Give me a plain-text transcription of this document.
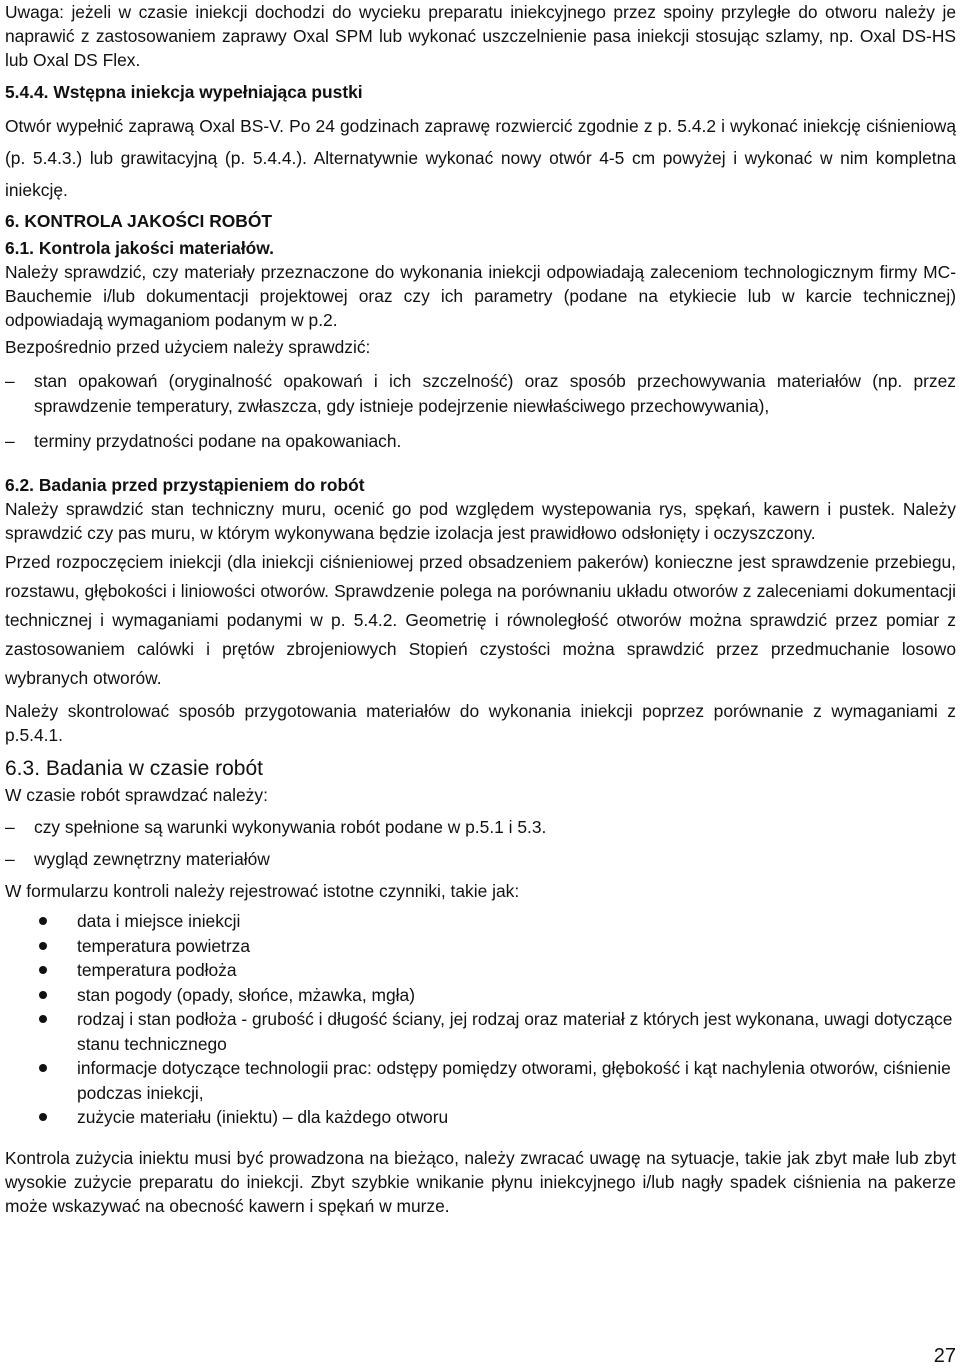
Uwaga: jeżeli w czasie iniekcji dochodzi do wycieku preparatu iniekcyjnego przez spoiny przyległe do otworu należy je naprawić z zastosowaniem zaprawy Oxal SPM lub wykonać uszczelnienie pasa iniekcji stosując szlamy, np. Oxal DS-HS lub Oxal DS Flex.

5.4.4. Wstępna iniekcja wypełniająca pustki

Otwór wypełnić zaprawą Oxal BS-V. Po 24 godzinach zaprawę rozwiercić zgodnie z p. 5.4.2 i wykonać iniekcję ciśnieniową (p. 5.4.3.) lub grawitacyjną (p. 5.4.4.). Alternatywnie wykonać nowy otwór 4-5 cm powyżej i wykonać w nim kompletna iniekcję.

6. KONTROLA JAKOŚCI ROBÓT

6.1. Kontrola jakości materiałów.

Należy sprawdzić, czy materiały przeznaczone do wykonania iniekcji odpowiadają zaleceniom technologicznym firmy MC-Bauchemie i/lub dokumentacji projektowej oraz czy ich parametry (podane na etykiecie lub w karcie technicznej) odpowiadają wymaganiom podanym w p.2.

Bezpośrednio przed użyciem należy sprawdzić:

– stan opakowań (oryginalność opakowań i ich szczelność) oraz sposób przechowywania materiałów (np. przez sprawdzenie temperatury, zwłaszcza, gdy istnieje podejrzenie niewłaściwego przechowywania),
– terminy przydatności podane na opakowaniach.

6.2. Badania przed przystąpieniem do robót

Należy sprawdzić stan techniczny muru, ocenić go pod względem wystepowania rys, spękań, kawern i pustek. Należy sprawdzić czy pas muru, w którym wykonywana będzie izolacja jest prawidłowo odsłonięty i oczyszczony.

Przed rozpoczęciem iniekcji (dla iniekcji ciśnieniowej przed obsadzeniem pakerów) konieczne jest sprawdzenie przebiegu, rozstawu, głębokości i liniowości otworów. Sprawdzenie polega na porównaniu układu otworów z zaleceniami dokumentacji technicznej i wymaganiami podanymi w p. 5.4.2. Geometrię i równoległość otworów można sprawdzić przez pomiar z zastosowaniem calówki i prętów zbrojeniowych Stopień czystości można sprawdzić przez przedmuchanie losowo wybranych otworów.

Należy skontrolować sposób przygotowania materiałów do wykonania iniekcji poprzez porównanie z wymaganiami z p.5.4.1.

6.3. Badania w czasie robót

W czasie robót sprawdzać należy:

– czy spełnione są warunki wykonywania robót podane w p.5.1 i 5.3.
– wygląd zewnętrzny materiałów

W formularzu kontroli należy rejestrować istotne czynniki, takie jak:

data i miejsce iniekcji
temperatura powietrza
temperatura podłoża
stan pogody (opady, słońce, mżawka, mgła)
rodzaj i stan podłoża - grubość i długość ściany, jej rodzaj oraz materiał z których jest wykonana, uwagi dotyczące stanu technicznego
informacje dotyczące technologii prac: odstępy pomiędzy otworami, głębokość i kąt nachylenia otworów, ciśnienie podczas iniekcji,
zużycie materiału (iniektu) – dla każdego otworu

Kontrola zużycia iniektu musi być prowadzona na bieżąco, należy zwracać uwagę na sytuacje, takie jak zbyt małe lub zbyt wysokie zużycie preparatu do iniekcji. Zbyt szybkie wnikanie płynu iniekcyjnego i/lub nagły spadek ciśnienia na pakerze może wskazywać na obecność kawern i spękań w murze.

27
